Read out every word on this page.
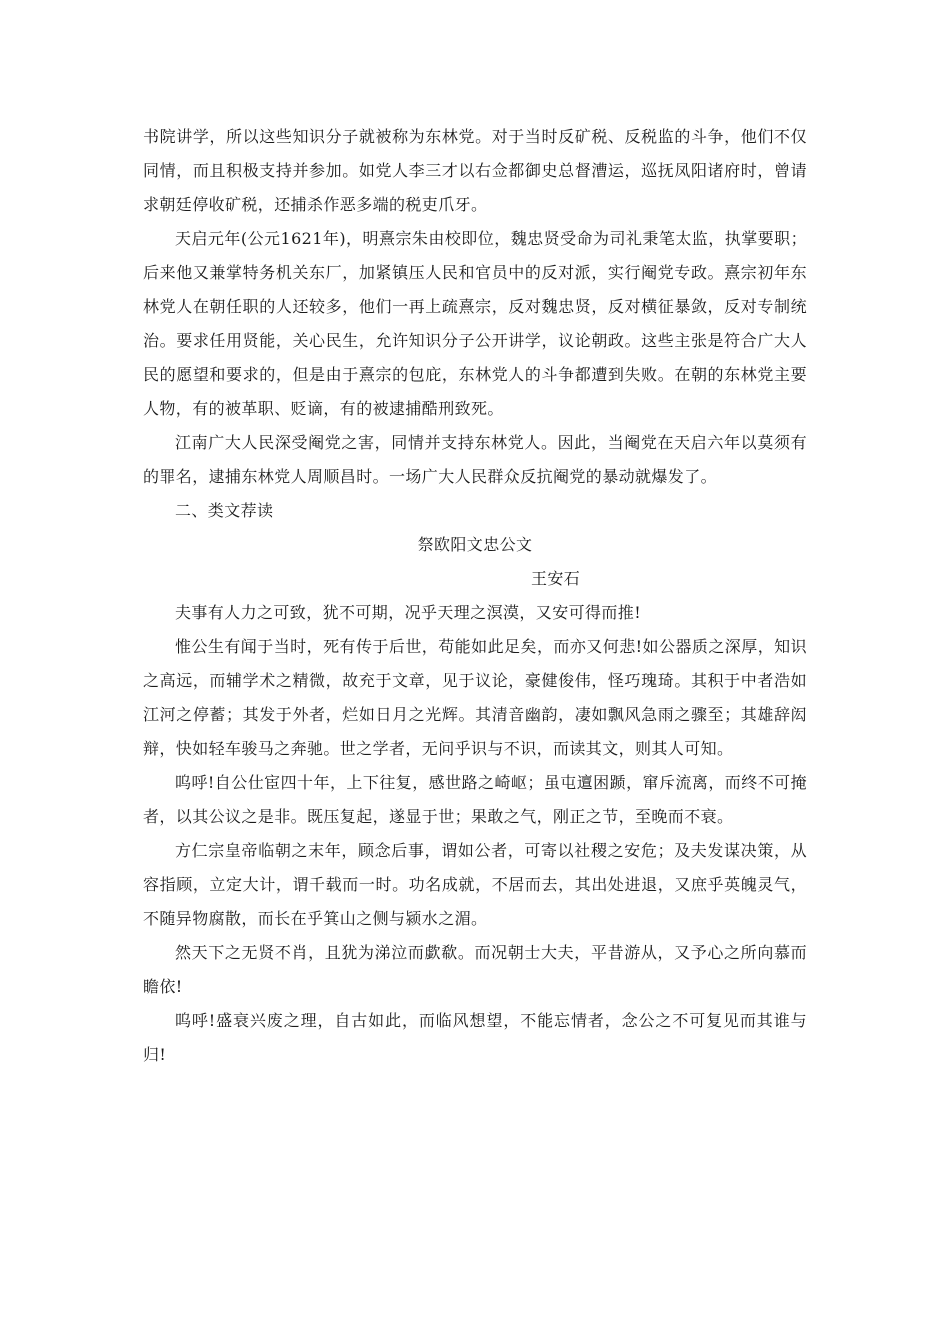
书院讲学，所以这些知识分子就被称为东林党。对于当时反矿税、反税监的斗争，他们不仅同情，而且积极支持并参加。如党人李三才以右佥都御史总督漕运，巡抚凤阳诸府时，曾请求朝廷停收矿税，还捕杀作恶多端的税吏爪牙。

天启元年(公元1621年)，明熹宗朱由校即位，魏忠贤受命为司礼秉笔太监，执掌要职；后来他又兼掌特务机关东厂，加紧镇压人民和官员中的反对派，实行阉党专政。熹宗初年东林党人在朝任职的人还较多，他们一再上疏熹宗，反对魏忠贤，反对横征暴敛，反对专制统治。要求任用贤能，关心民生，允许知识分子公开讲学，议论朝政。这些主张是符合广大人民的愿望和要求的，但是由于熹宗的包庇，东林党人的斗争都遭到失败。在朝的东林党主要人物，有的被革职、贬谪，有的被逮捕酷刑致死。

江南广大人民深受阉党之害，同情并支持东林党人。因此，当阉党在天启六年以莫须有的罪名，逮捕东林党人周顺昌时。一场广大人民群众反抗阉党的暴动就爆发了。

二、类文荐读

祭欧阳文忠公文

王安石

夫事有人力之可致，犹不可期，况乎天理之溟漠，又安可得而推!

惟公生有闻于当时，死有传于后世，苟能如此足矣，而亦又何悲!如公器质之深厚，知识之高远，而辅学术之精微，故充于文章，见于议论，豪健俊伟，怪巧瑰琦。其积于中者浩如江河之停蓄；其发于外者，烂如日月之光辉。其清音幽韵，凄如飘风急雨之骤至；其雄辞闳辩，快如轻车骏马之奔驰。世之学者，无问乎识与不识，而读其文，则其人可知。

呜呼!自公仕宦四十年，上下往复，感世路之崎岖；虽屯邅困踬，窜斥流离，而终不可掩者，以其公议之是非。既压复起，遂显于世；果敢之气，刚正之节，至晚而不衰。

方仁宗皇帝临朝之末年，顾念后事，谓如公者，可寄以社稷之安危；及夫发谋决策，从容指顾，立定大计，谓千载而一时。功名成就，不居而去，其出处进退，又庶乎英魄灵气，不随异物腐散，而长在乎箕山之侧与颍水之湄。

然天下之无贤不肖，且犹为涕泣而歔欷。而况朝士大夫，平昔游从，又予心之所向慕而瞻依!

呜呼!盛衰兴废之理，自古如此，而临风想望，不能忘情者，念公之不可复见而其谁与归!
